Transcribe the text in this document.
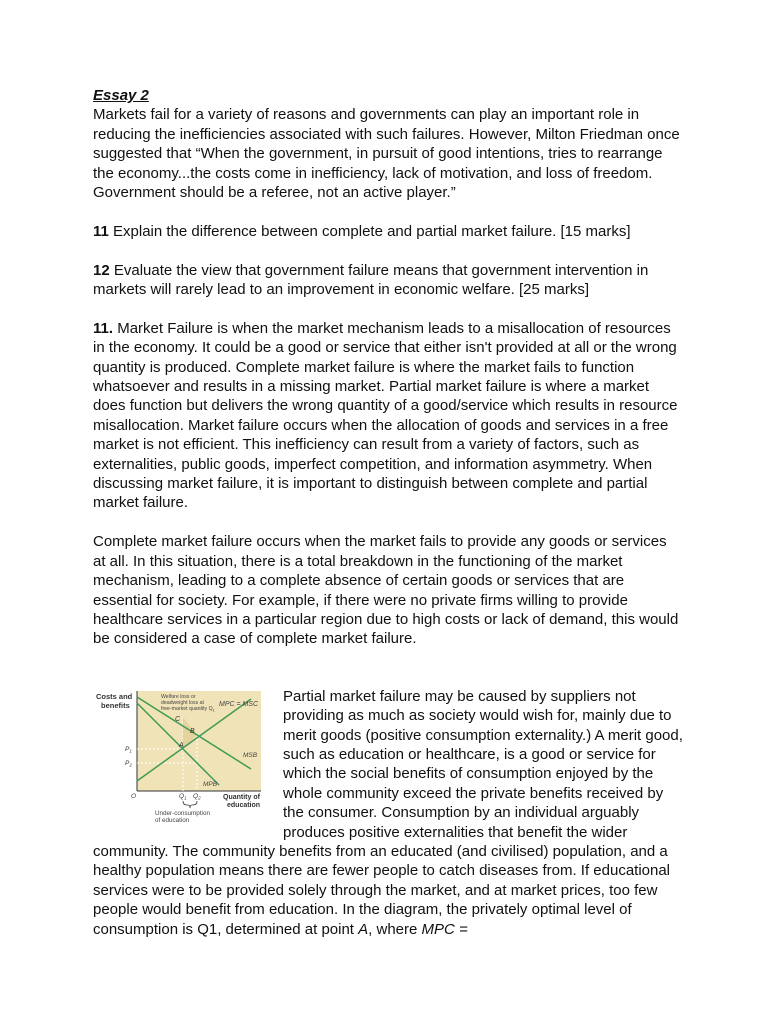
Essay 2

Markets fail for a variety of reasons and governments can play an important role in reducing the inefficiencies associated with such failures. However, Milton Friedman once suggested that “When the government, in pursuit of good intentions, tries to rearrange the economy...the costs come in inefficiency, lack of motivation, and loss of freedom. Government should be a referee, not an active player.”

11 Explain the difference between complete and partial market failure. [15 marks]

12 Evaluate the view that government failure means that government intervention in markets will rarely lead to an improvement in economic welfare. [25 marks]

11. Market Failure is when the market mechanism leads to a misallocation of resources in the economy. It could be a good or service that either isn't provided at all or the wrong quantity is produced. Complete market failure is where the market fails to function whatsoever and results in a missing market. Partial market failure is where a market does function but delivers the wrong quantity of a good/service which results in resource misallocation. Market failure occurs when the allocation of goods and services in a free market is not efficient. This inefficiency can result from a variety of factors, such as externalities, public goods, imperfect competition, and information asymmetry. When discussing market failure, it is important to distinguish between complete and partial market failure.

Complete market failure occurs when the market fails to provide any goods or services at all. In this situation, there is a total breakdown in the functioning of the market mechanism, leading to a complete absence of certain goods or services that are essential for society. For example, if there were no private firms willing to provide healthcare services in a particular region due to high costs or lack of demand, this would be considered a case of complete market failure.

Costs and
benefits
Welfare loss or
deadweight loss at
free-market quantity $Q_1$
MPC = MSC
MSB
MPB
C
B
A
$P_1$
$P_2$
O	$Q_1$ $Q_2$	Quantity of
education
Under-consumption
of education

Partial market failure may be caused by suppliers not providing as much as society would wish for, mainly due to merit goods (positive consumption externality.) A merit good, such as education or healthcare, is a good or service for which the social benefits of consumption enjoyed by the whole community exceed the private benefits received by the consumer. Consumption by an individual arguably produces positive externalities that benefit the wider community. The community benefits from an educated (and civilised) population, and a healthy population means there are fewer people to catch diseases from. If educational services were to be provided solely through the market, and at market prices, too few people would benefit from education. In the diagram, the privately optimal level of consumption is Q1, determined at point A, where MPC =
